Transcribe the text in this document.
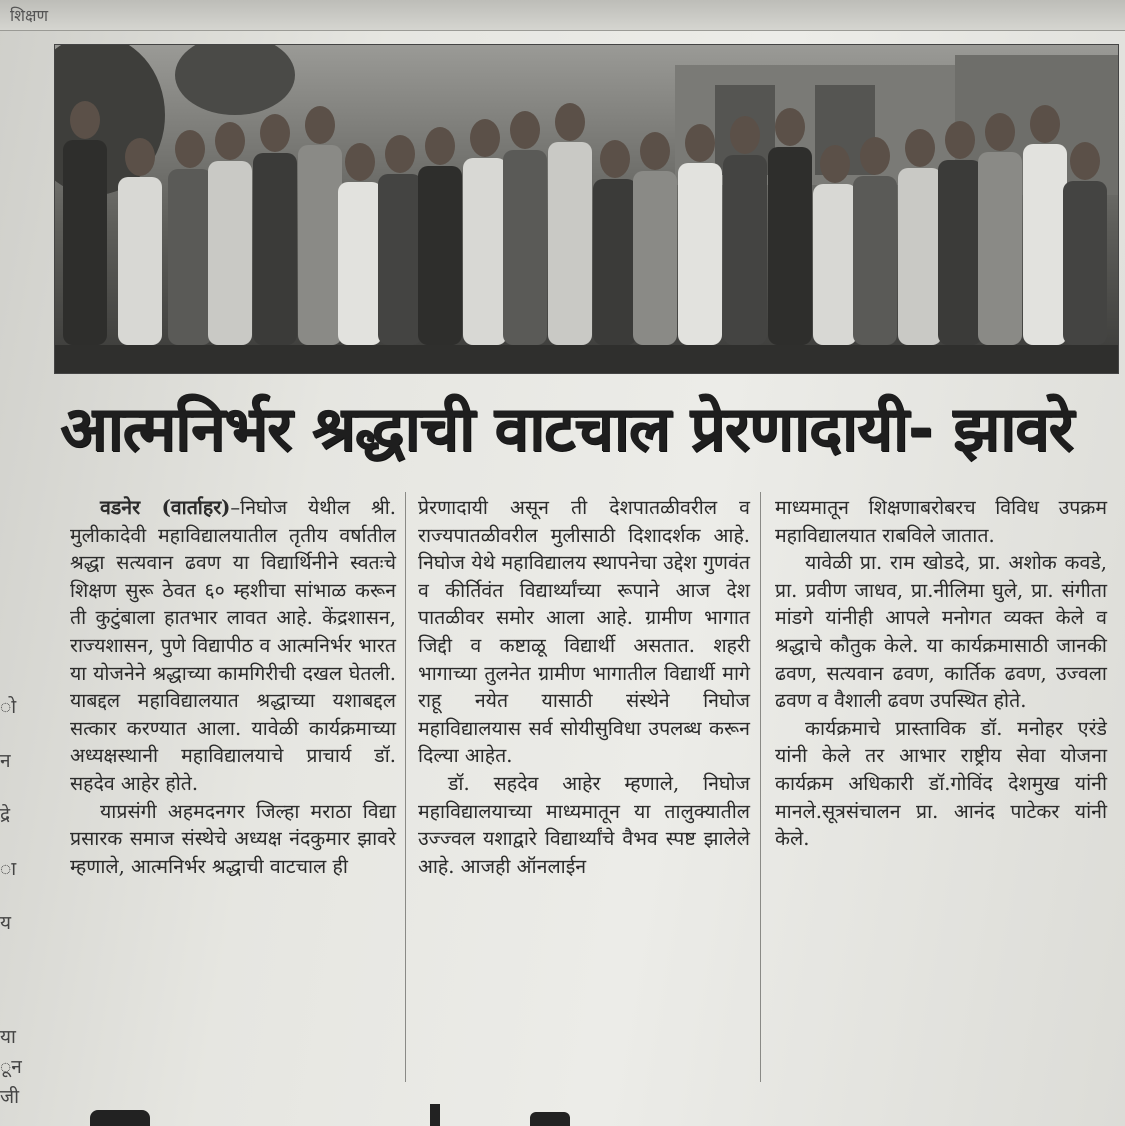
शिक्षण
आत्मनिर्भर श्रद्धाची वाटचाल प्रेरणादायी- झावरे

वडनेर (वार्ताहर)–निघोज येथील श्री. मुलीकादेवी महाविद्यालयातील तृतीय वर्षातील श्रद्धा सत्यवान ढवण या विद्यार्थिनीने स्वतःचे शिक्षण सुरू ठेवत ६० म्हशीचा सांभाळ करून ती कुटुंबाला हातभार लावत आहे. केंद्रशासन, राज्यशासन, पुणे विद्यापीठ व आत्मनिर्भर भारत या योजनेने श्रद्धाच्या कामगिरीची दखल घेतली. याबद्दल महाविद्यालयात श्रद्धाच्या यशाबद्दल सत्कार करण्यात आला. यावेळी कार्यक्रमाच्या अध्यक्षस्थानी महाविद्यालयाचे प्राचार्य डॉ. सहदेव आहेर होते.

याप्रसंगी अहमदनगर जिल्हा मराठा विद्या प्रसारक समाज संस्थेचे अध्यक्ष नंदकुमार झावरे म्हणाले, आत्मनिर्भर श्रद्धाची वाटचाल ही

प्रेरणादायी असून ती देशपातळीवरील व राज्यपातळीवरील मुलीसाठी दिशादर्शक आहे. निघोज येथे महाविद्यालय स्थापनेचा उद्देश गुणवंत व कीर्तिवंत विद्यार्थ्यांच्या रूपाने आज देश पातळीवर समोर आला आहे. ग्रामीण भागात जिद्दी व कष्टाळू विद्यार्थी असतात. शहरी भागाच्या तुलनेत ग्रामीण भागातील विद्यार्थी मागे राहू नयेत यासाठी संस्थेने निघोज महाविद्यालयास सर्व सोयीसुविधा उपलब्ध करून दिल्या आहेत.

डॉ. सहदेव आहेर म्हणाले, निघोज महाविद्यालयाच्या माध्यमातून या तालुक्यातील उज्ज्वल यशाद्वारे विद्यार्थ्यांचे वैभव स्पष्ट झालेले आहे. आजही ऑनलाईन

माध्यमातून शिक्षणाबरोबरच विविध उपक्रम महाविद्यालयात राबविले जातात.

यावेळी प्रा. राम खोडदे, प्रा. अशोक कवडे, प्रा. प्रवीण जाधव, प्रा.नीलिमा घुले, प्रा. संगीता मांडगे यांनीही आपले मनोगत व्यक्त केले व श्रद्धाचे कौतुक केले. या कार्यक्रमासाठी जानकी ढवण, सत्यवान ढवण, कार्तिक ढवण, उज्वला ढवण व वैशाली ढवण उपस्थित होते.

कार्यक्रमाचे प्रास्ताविक डॉ. मनोहर एरंडे यांनी केले तर आभार राष्ट्रीय सेवा योजना कार्यक्रम अधिकारी डॉ.गोविंद देशमुख यांनी मानले.सूत्रसंचालन प्रा. आनंद पाटेकर यांनी केले.

ो
न
द्रे
ा
य
या
ून
जी
